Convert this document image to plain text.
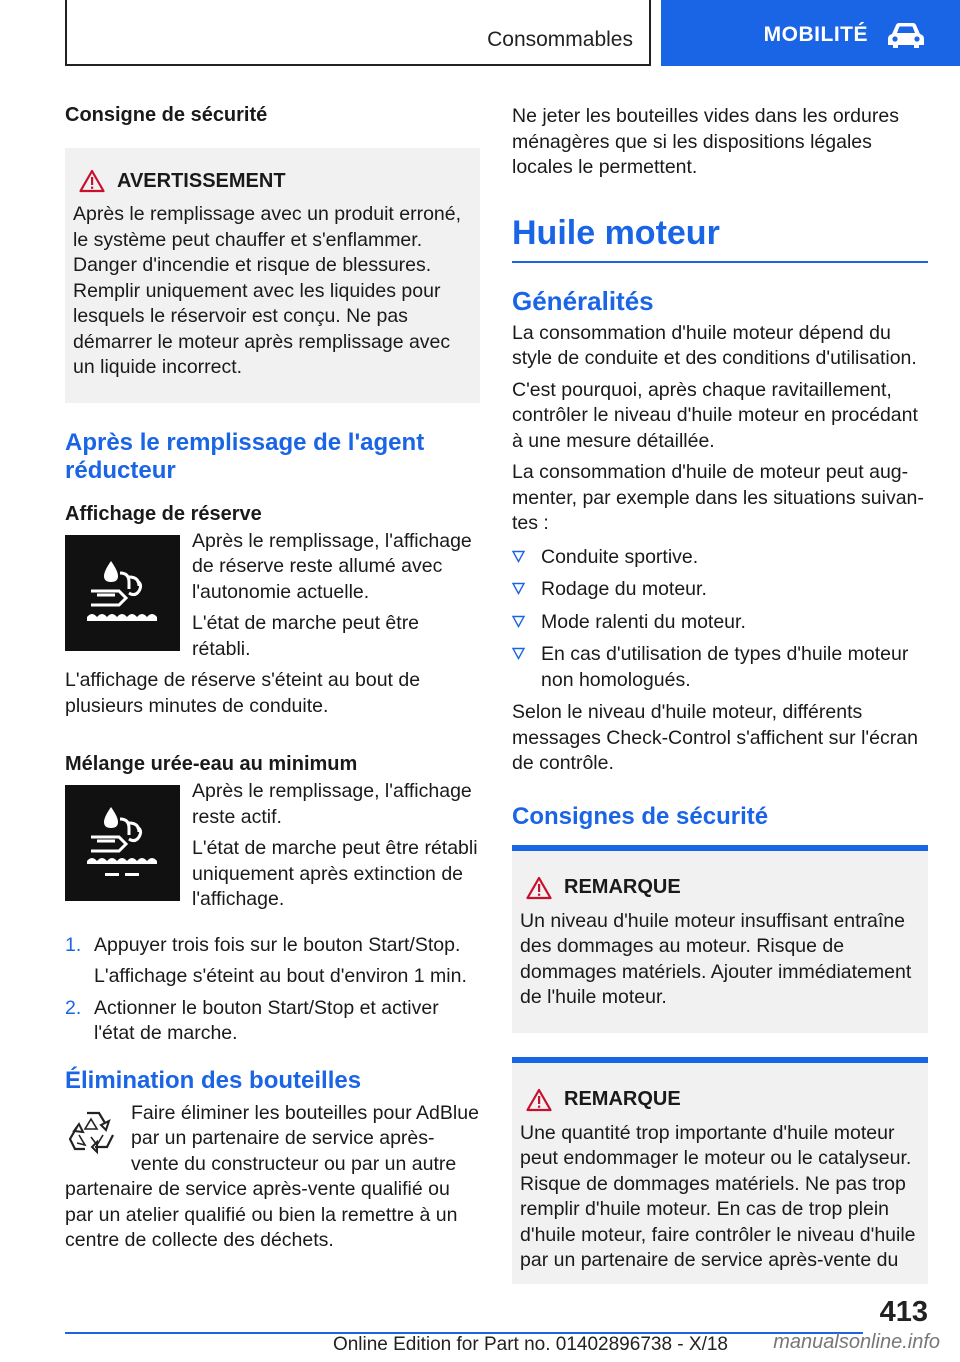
Consommables	MOBILITÉ
Consigne de sécurité
AVERTISSEMENT
Après le remplissage avec un produit erroné, le système peut chauffer et s'enflammer. Danger d'incendie et risque de blessures. Remplir uniquement avec les liquides pour lesquels le réservoir est conçu. Ne pas démarrer le moteur après remplissage avec un liquide incorrect.
Après le remplissage de l'agent réducteur
Affichage de réserve
Après le remplissage, l'affichage de réserve reste allumé avec l'autonomie actuelle.
L'état de marche peut être rétabli.
L'affichage de réserve s'éteint au bout de plusieurs minutes de conduite.
Mélange urée-eau au minimum
Après le remplissage, l'affichage reste actif.
L'état de marche peut être rétabli uniquement après extinction de l'affichage.
1. Appuyer trois fois sur le bouton Start/Stop.
L'affichage s'éteint au bout d'environ 1 min.
2. Actionner le bouton Start/Stop et activer l'état de marche.
Élimination des bouteilles
Faire éliminer les bouteilles pour AdBlue par un partenaire de service après-vente du constructeur ou par un autre partenaire de service après-vente qualifié ou par un atelier qualifié ou bien la remettre à un centre de collecte des déchets.
Ne jeter les bouteilles vides dans les ordures ménagères que si les dispositions légales locales le permettent.
Huile moteur
Généralités
La consommation d'huile moteur dépend du style de conduite et des conditions d'utilisation.
C'est pourquoi, après chaque ravitaillement, contrôler le niveau d'huile moteur en procédant à une mesure détaillée.
La consommation d'huile de moteur peut augmenter, par exemple dans les situations suivantes :
Conduite sportive.
Rodage du moteur.
Mode ralenti du moteur.
En cas d'utilisation de types d'huile moteur non homologués.
Selon le niveau d'huile moteur, différents messages Check-Control s'affichent sur l'écran de contrôle.
Consignes de sécurité
REMARQUE
Un niveau d'huile moteur insuffisant entraîne des dommages au moteur. Risque de dommages matériels. Ajouter immédiatement de l'huile moteur.
REMARQUE
Une quantité trop importante d'huile moteur peut endommager le moteur ou le catalyseur. Risque de dommages matériels. Ne pas trop remplir d'huile moteur. En cas de trop plein d'huile moteur, faire contrôler le niveau d'huile par un partenaire de service après-vente du
413
Online Edition for Part no. 01402896738 - X/18 manualsonline.info
